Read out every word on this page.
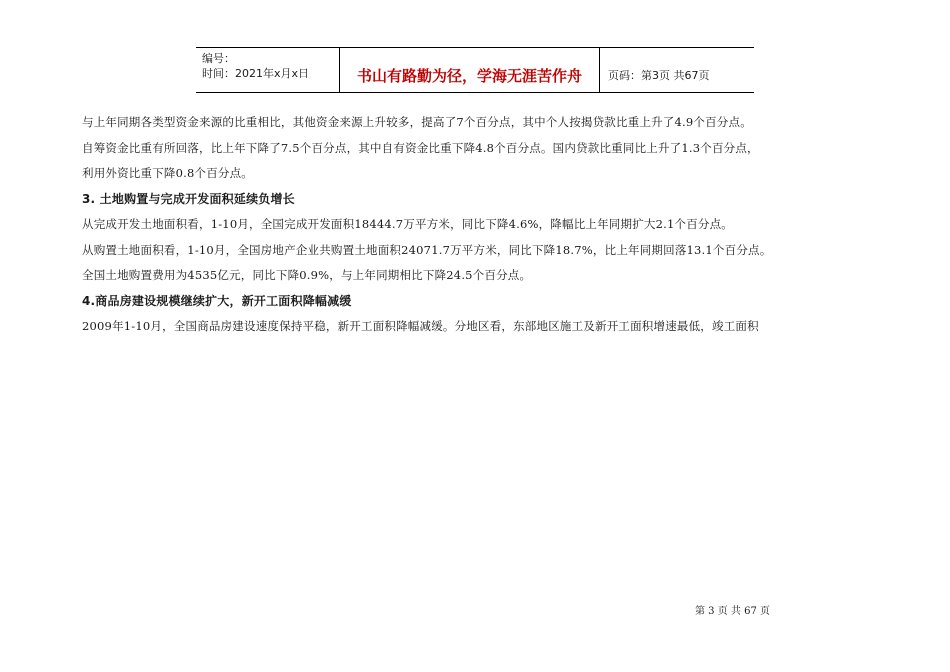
编号：
时间：2021年x月x日	书山有路勤为径，学海无涯苦作舟 页码：第3页 共67页
与上年同期各类型资金来源的比重相比，其他资金来源上升较多，提高了7个百分点，其中个人按揭贷款比重上升了4.9个百分点。
自筹资金比重有所回落，比上年下降了7.5个百分点，其中自有资金比重下降4.8个百分点。国内贷款比重同比上升了1.3个百分点，
利用外资比重下降0.8个百分点。
3. 土地购置与完成开发面积延续负增长
从完成开发土地面积看，1-10月，全国完成开发面积18444.7万平方米，同比下降4.6%，降幅比上年同期扩大2.1个百分点。
从购置土地面积看，1-10月，全国房地产企业共购置土地面积24071.7万平方米，同比下降18.7%，比上年同期回落13.1个百分点。
全国土地购置费用为4535亿元，同比下降0.9%，与上年同期相比下降24.5个百分点。
4.商品房建设规模继续扩大，新开工面积降幅减缓
2009年1-10月，全国商品房建设速度保持平稳，新开工面积降幅减缓。分地区看，东部地区施工及新开工面积增速最低，竣工面积
第 3 页 共 67 页
